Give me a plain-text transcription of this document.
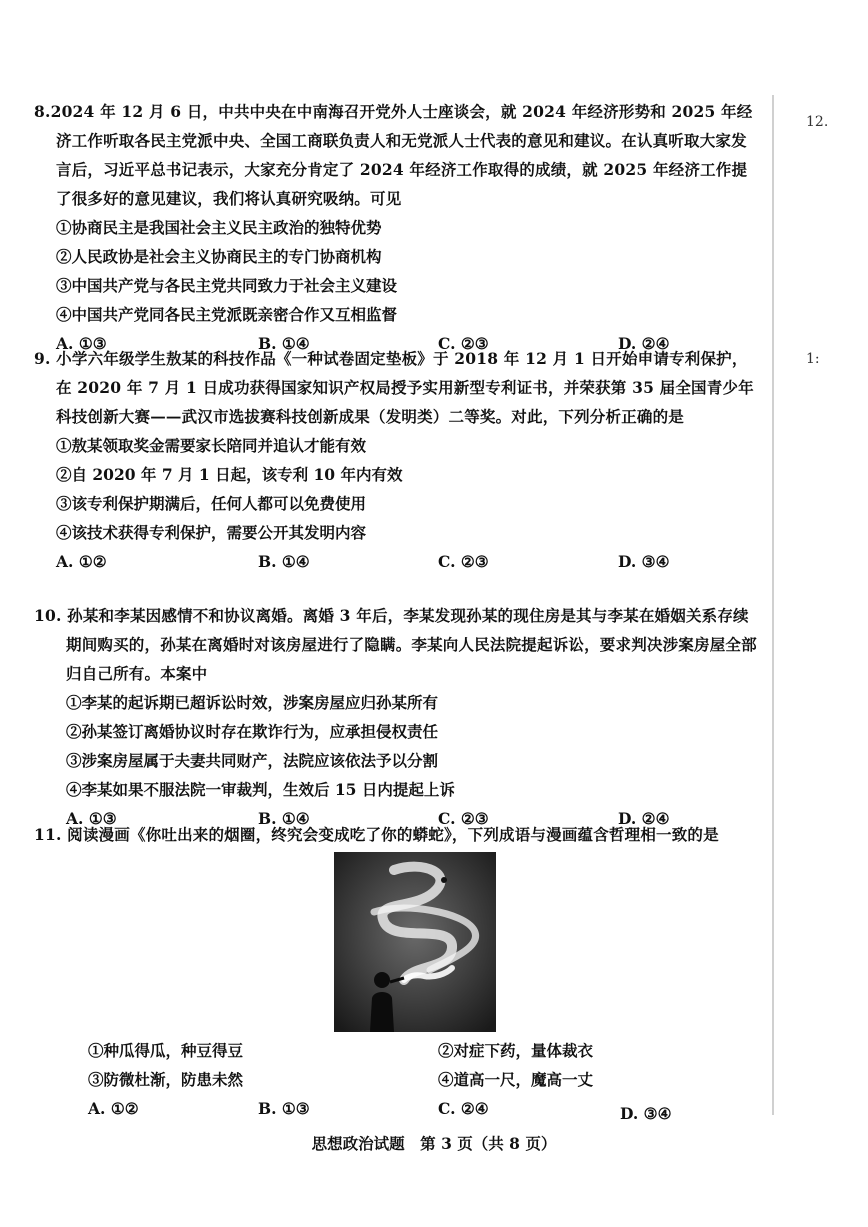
12.
1:

8.2024 年 12 月 6 日，中共中央在中南海召开党外人士座谈会，就 2024 年经济形势和 2025 年经济工作听取各民主党派中央、全国工商联负责人和无党派人士代表的意见和建议。在认真听取大家发言后，习近平总书记表示，大家充分肯定了 2024 年经济工作取得的成绩，就 2025 年经济工作提了很多好的意见建议，我们将认真研究吸纳。可见

①协商民主是我国社会主义民主政治的独特优势
②人民政协是社会主义协商民主的专门协商机构
③中国共产党与各民主党共同致力于社会主义建设
④中国共产党同各民主党派既亲密合作又互相监督
A. ①③	B. ①④	C. ②③	D. ②④

9. 小学六年级学生敖某的科技作品《一种试卷固定垫板》于 2018 年 12 月 1 日开始申请专利保护，在 2020 年 7 月 1 日成功获得国家知识产权局授予实用新型专利证书，并荣获第 35 届全国青少年科技创新大赛——武汉市选拔赛科技创新成果（发明类）二等奖。对此，下列分析正确的是

①敖某领取奖金需要家长陪同并追认才能有效
②自 2020 年 7 月 1 日起，该专利 10 年内有效
③该专利保护期满后，任何人都可以免费使用
④该技术获得专利保护，需要公开其发明内容
A. ①②	B. ①④	C. ②③	D. ③④

10. 孙某和李某因感情不和协议离婚。离婚 3 年后，李某发现孙某的现住房是其与李某在婚姻关系存续期间购买的，孙某在离婚时对该房屋进行了隐瞒。李某向人民法院提起诉讼，要求判决涉案房屋全部归自己所有。本案中

①李某的起诉期已超诉讼时效，涉案房屋应归孙某所有
②孙某签订离婚协议时存在欺诈行为，应承担侵权责任
③涉案房屋属于夫妻共同财产，法院应该依法予以分割
④李某如果不服法院一审裁判，生效后 15 日内提起上诉
A. ①③	B. ①④	C. ②③	D. ②④

11. 阅读漫画《你吐出来的烟圈，终究会变成吃了你的蟒蛇》，下列成语与漫画蕴含哲理相一致的是

①种瓜得瓜，种豆得豆	②对症下药，量体裁衣
③防微杜渐，防患未然	④道高一尺，魔高一丈
A. ①②	B. ①③	C. ②④	D. ③④
思想政治试题　第 3 页（共 8 页）
